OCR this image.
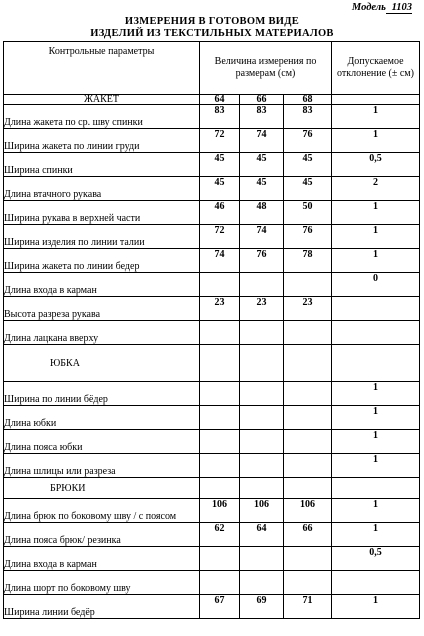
Модель 1103
ИЗМЕРЕНИЯ В ГОТОВОМ ВИДЕ
ИЗДЕЛИЙ ИЗ ТЕКСТИЛЬНЫХ МАТЕРИАЛОВ
Контрольные параметры	Величина измерения по размерам (см)			Допускаемое отклонение (± см)
ЖАКЕТ	64	66	68	
Длина жакета по ср. шву спинки	83	83	83	1
Ширина жакета по линии груди	72	74	76	1
Ширина спинки	45	45	45	0,5
Длина втачного рукава	45	45	45	2
Ширина рукава в верхней части	46	48	50	1
Ширина изделия по линии талии	72	74	76	1
Ширина жакета по линии бедер	74	76	78	1
Длина входа в карман				0
Высота разреза рукава	23	23	23	
Длина лацкана вверху				
ЮБКА				
Ширина по линии бёдер				1
Длина юбки				1
Длина пояса юбки				1
Длина шлицы или разреза				1
БРЮКИ				
Длина брюк по боковому шву / с поясом	106	106	106	1
Длина пояса брюк/ резинка	62	64	66	1
Длина входа в карман				0,5
Длина шорт по боковому шву				
Ширина линии бедёр	67	69	71	1
